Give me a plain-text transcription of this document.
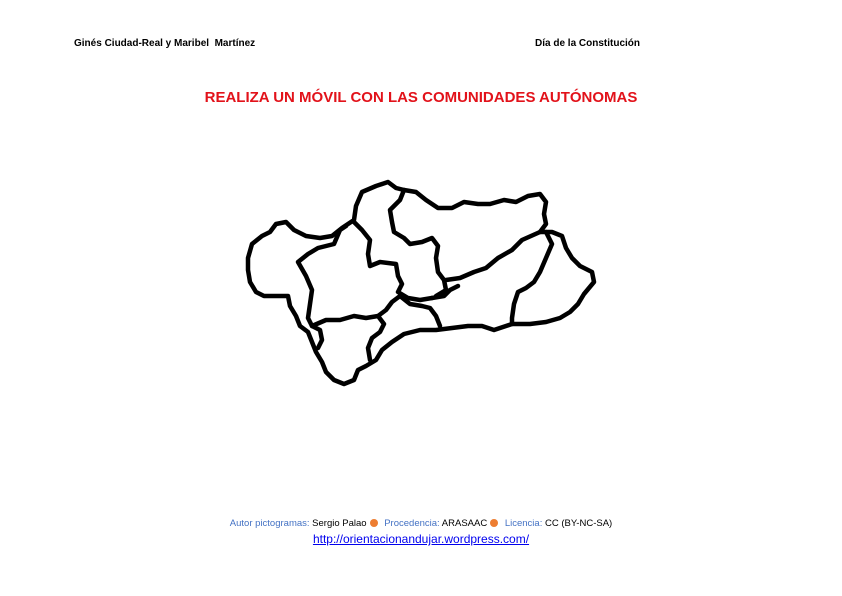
Ginés Ciudad-Real y Maribel  Martínez	Día de la Constitución
REALIZA UN MÓVIL CON LAS COMUNIDADES AUTÓNOMAS
Autor pictogramas: Sergio Palao Procedencia: ARASAAC Licencia: CC (BY-NC-SA)
http://orientacionandujar.wordpress.com/
